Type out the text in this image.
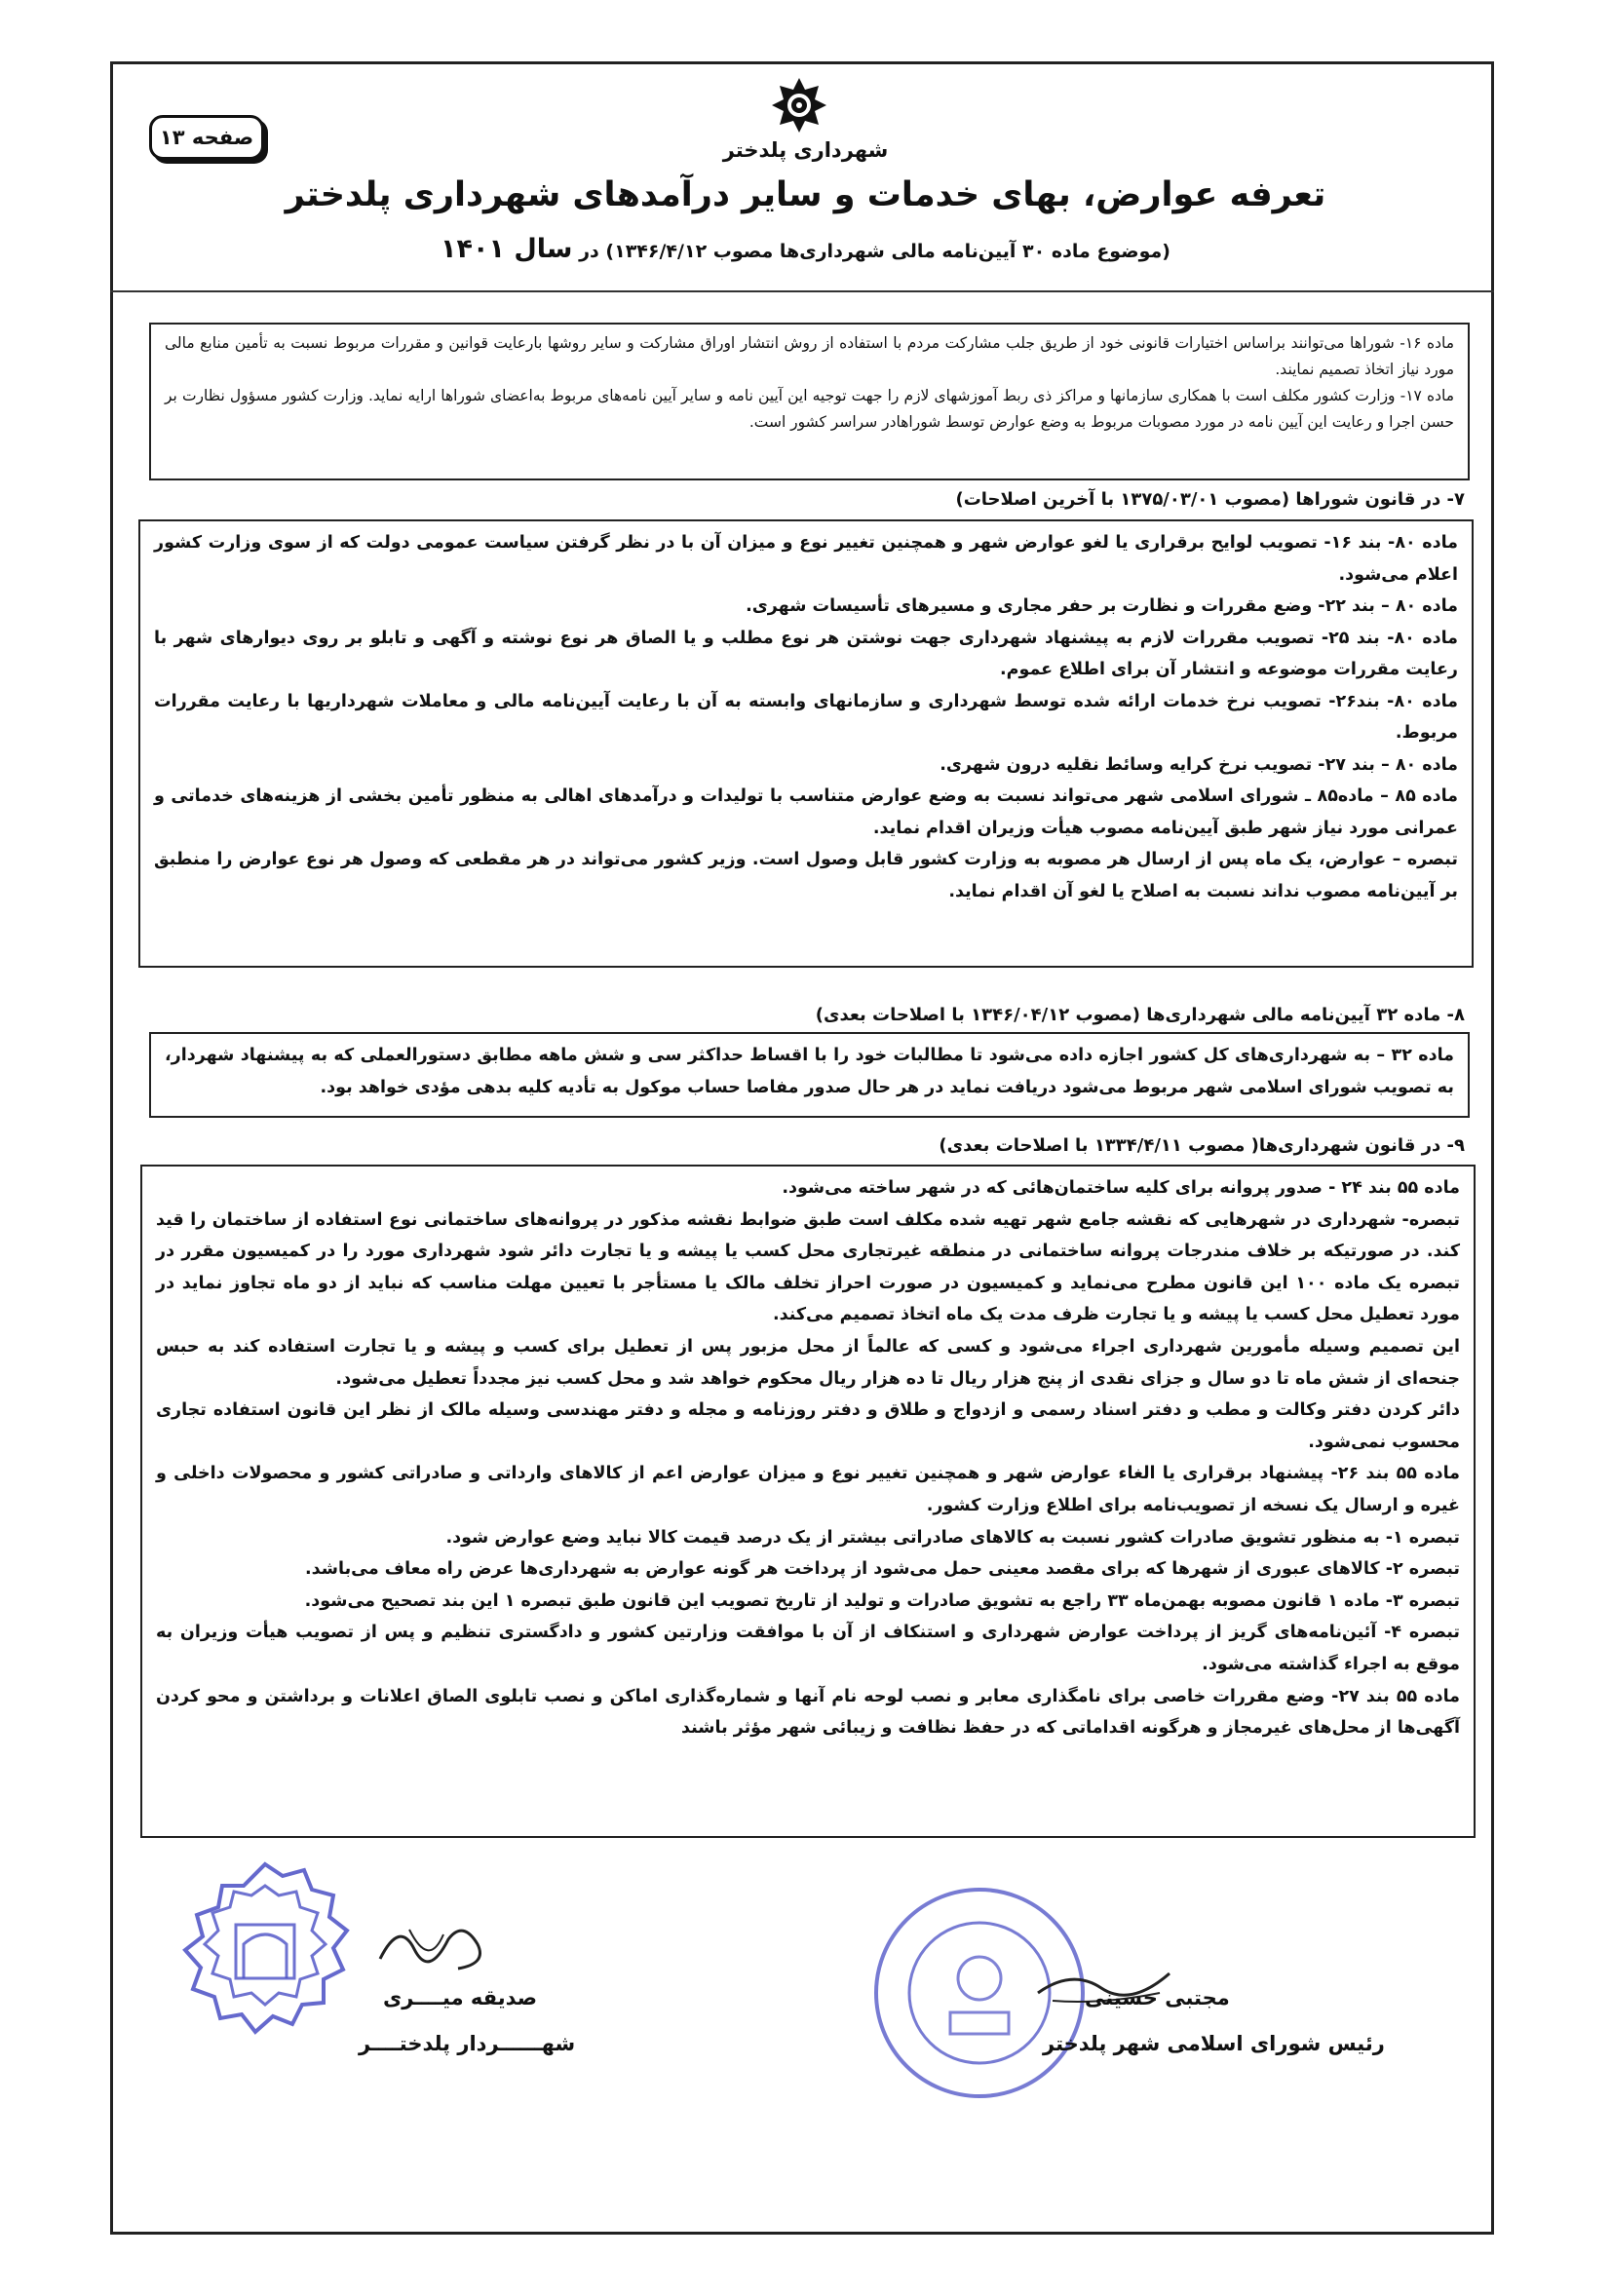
صفحه ۱۳
شهرداری پلدختر
تعرفه عوارض، بهای خدمات و سایر درآمدهای شهرداری پلدختر
(موضوع ماده ۳۰ آیین‌نامه مالی شهرداری‌ها مصوب ۱۳۴۶/۴/۱۲) در سال ۱۴۰۱

ماده ۱۶- شوراها می‌توانند براساس اختیارات قانونی خود از طریق جلب مشارکت مردم با استفاده از روش انتشار اوراق مشارکت و سایر روشها بارعایت قوانین و مقررات مربوط نسبت به تأمین منابع مالی مورد نیاز اتخاذ تصمیم نمایند.

ماده ۱۷- وزارت کشور مکلف است با همکاری سازمانها و مراکز ذی ربط آموزشهای لازم را جهت توجیه این آیین نامه و سایر آیین نامه‌های مربوط به‌اعضای شوراها ارایه نماید. وزارت کشور مسؤول نظارت بر حسن اجرا و رعایت این آیین نامه در مورد مصوبات مربوط به وضع عوارض توسط شوراهادر سراسر کشور است.

۷- در قانون شوراها (مصوب ۱۳۷۵/۰۳/۰۱ با آخرین اصلاحات)

ماده ۸۰- بند ۱۶- تصویب لوایح برقراری یا لغو عوارض شهر و همچنین تغییر نوع و میزان آن با در نظر گرفتن سیاست عمومی دولت که از سوی وزارت کشور اعلام می‌شود.

ماده ۸۰ – بند ۲۲- وضع مقررات و نظارت بر حفر مجاری و مسیرهای تأسیسات شهری.

ماده ۸۰- بند ۲۵- تصویب مقررات لازم به پیشنهاد شهرداری جهت نوشتن هر نوع مطلب و یا الصاق هر نوع نوشته و آگهی و تابلو بر روی دیوارهای شهر با رعایت مقررات موضوعه و انتشار آن برای اطلاع عموم.

ماده ۸۰- بند۲۶- تصویب نرخ خدمات ارائه شده توسط شهرداری و سازمانهای وابسته به آن با رعایت آیین‌نامه مالی و معاملات شهرداریها با رعایت مقررات مربوط.

ماده ۸۰ – بند ۲۷- تصویب نرخ کرایه وسائط نقلیه درون شهری.

ماده ۸۵ – ماده۸۵ ـ شورای اسلامی شهر می‌تواند نسبت به وضع عوارض متناسب با تولیدات و درآمدهای اهالی به منظور تأمین بخشی از هزینه‌های خدماتی و عمرانی مورد نیاز شهر طبق آیین‌نامه مصوب هیأت وزیران اقدام نماید.

تبصره – عوارض، یک ماه پس از ارسال هر مصوبه به وزارت کشور قابل وصول است. وزیر کشور می‌تواند در هر مقطعی که وصول هر نوع عوارض را منطبق بر آیین‌نامه مصوب نداند نسبت به اصلاح یا لغو آن اقدام نماید.

۸- ماده ۳۲ آیین‌نامه مالی شهرداری‌ها (مصوب ۱۳۴۶/۰۴/۱۲ با اصلاحات بعدی)

ماده ۳۲ – به شهرداری‌های کل کشور اجازه داده می‌شود تا مطالبات خود را با اقساط حداکثر سی و شش ماهه مطابق دستورالعملی که به پیشنهاد شهردار، به تصویب شورای اسلامی شهر مربوط می‌شود دریافت نماید در هر حال صدور مفاصا حساب موکول به تأدیه کلیه بدهی مؤدی خواهد بود.

۹- در قانون شهرداری‌ها( مصوب ۱۳۳۴/۴/۱۱ با اصلاحات بعدی)

ماده ۵۵ بند ۲۴ - صدور پروانه برای کلیه ساختمان‌هائی که در شهر ساخته می‌شود.

تبصره- شهرداری در شهرهایی که نقشه جامع شهر تهیه شده مکلف است طبق ضوابط نقشه مذکور در پروانه‌های ساختمانی نوع استفاده از ساختمان را قید کند. در صورتیکه بر خلاف مندرجات پروانه ساختمانی در منطقه غیرتجاری محل کسب یا پیشه و یا تجارت دائر شود شهرداری مورد را در کمیسیون مقرر در تبصره یک ماده ۱۰۰ این قانون مطرح می‌نماید و کمیسیون در صورت احراز تخلف مالک یا مستأجر با تعیین مهلت مناسب که نباید از دو ماه تجاوز نماید در مورد تعطیل محل کسب یا پیشه و یا تجارت ظرف مدت یک ماه اتخاذ تصمیم می‌کند.

این تصمیم وسیله مأمورین شهرداری اجراء می‌شود و کسی که عالماً از محل مزبور پس از تعطیل برای کسب و پیشه و یا تجارت استفاده کند به حبس جنحه‌ای از شش ماه تا دو سال و جزای نقدی از پنج هزار ریال تا ده هزار ریال محکوم خواهد شد و محل کسب نیز مجدداً تعطیل می‌شود.

دائر کردن دفتر وکالت و مطب و دفتر اسناد رسمی و ازدواج و طلاق و دفتر روزنامه و مجله و دفتر مهندسی وسیله مالک از نظر این قانون استفاده تجاری محسوب نمی‌شود.

ماده ۵۵ بند ۲۶- پیشنهاد برقراری یا الغاء عوارض شهر و همچنین تغییر نوع و میزان عوارض اعم از کالاهای وارداتی و صادراتی کشور و محصولات داخلی و غیره و ارسال یک نسخه از تصویب‌نامه برای اطلاع وزارت کشور.

تبصره ۱- به منظور تشویق صادرات کشور نسبت به کالاهای صادراتی بیشتر از یک درصد قیمت کالا نباید وضع عوارض شود.

تبصره ۲- کالاهای عبوری از شهرها که برای مقصد معینی حمل می‌شود از پرداخت هر گونه عوارض به شهرداری‌ها عرض راه معاف می‌باشد.

تبصره ۳- ماده ۱ قانون مصوبه بهمن‌ماه ۳۳ راجع به تشویق صادرات و تولید از تاریخ تصویب این قانون طبق تبصره ۱ این بند تصحیح می‌شود.

تبصره ۴- آئین‌نامه‌های گریز از پرداخت عوارض شهرداری و استنکاف از آن با موافقت وزارتین کشور و دادگستری تنظیم و پس از تصویب هیأت وزیران به موقع به اجراء گذاشته می‌شود.

ماده ۵۵ بند ۲۷- وضع مقررات خاصی برای نامگذاری معابر و نصب لوحه نام آنها و شماره‌گذاری اماکن و نصب تابلوی الصاق اعلانات و برداشتن و محو کردن آگهی‌ها از محل‌های غیرمجاز و هرگونه اقداماتی که در حفظ نظافت و زیبائی شهر مؤثر باشند

صدیقه میــــری
شهــــــردار پلدختــــر
مجتبی حسینی
رئیس شورای اسلامی شهر پلدختر
